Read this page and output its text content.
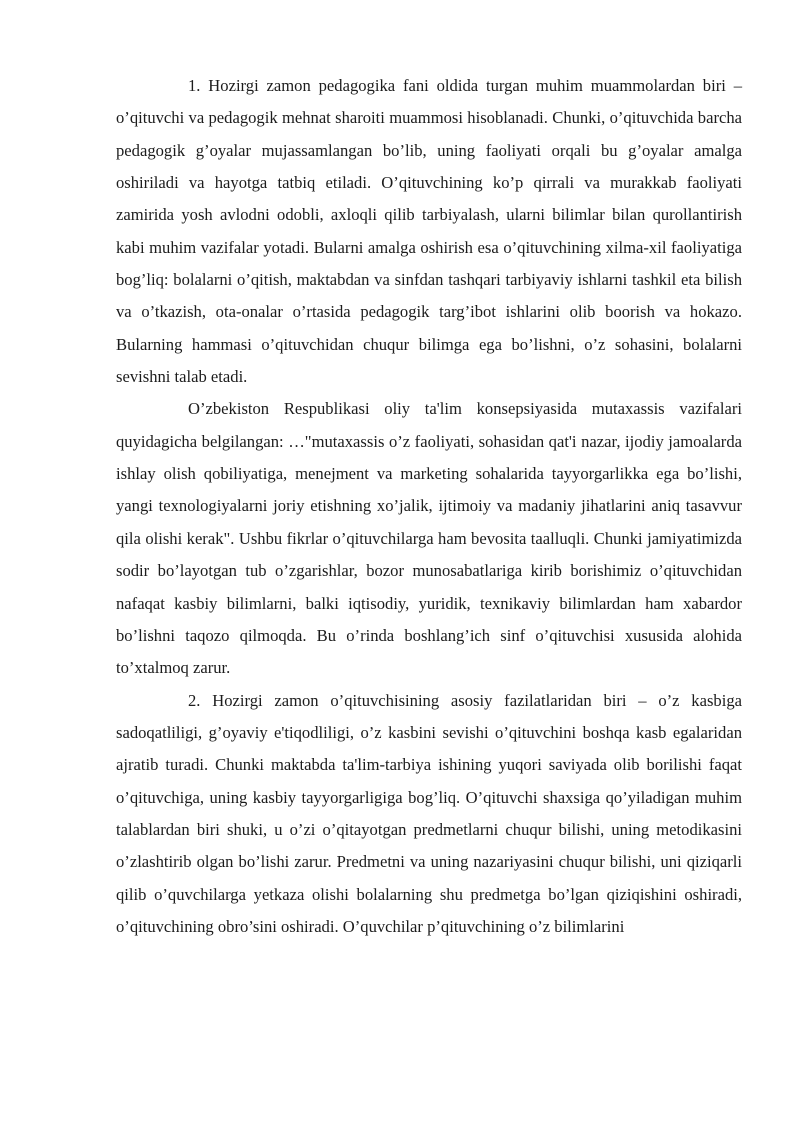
1. Hozirgi zamon pedagogika fani oldida turgan muhim muammolardan biri – o’qituvchi va pedagogik mehnat sharoiti muammosi hisoblanadi. Chunki, o’qituvchida barcha pedagogik g’oyalar mujassamlangan bo’lib, uning faoliyati orqali bu g’oyalar amalga oshiriladi va hayotga tatbiq etiladi. O’qituvchining ko’p qirrali va murakkab faoliyati zamirida yosh avlodni odobli, axloqli qilib tarbiyalash, ularni bilimlar bilan qurollantirish kabi muhim vazifalar yotadi. Bularni amalga oshirish esa o’qituvchining xilma-xil faoliyatiga bog’liq: bolalarni o’qitish, maktabdan va sinfdan tashqari tarbiyaviy ishlarni tashkil eta bilish va o’tkazish, ota-onalar o’rtasida pedagogik targ’ibot ishlarini olib boorish va hokazo. Bularning hammasi o’qituvchidan chuqur bilimga ega bo’lishni, o’z sohasini, bolalarni sevishni talab etadi.

O’zbekiston Respublikasi oliy ta'lim konsepsiyasida mutaxassis vazifalari quyidagicha belgilangan: …"mutaxassis o’z faoliyati, sohasidan qat'i nazar, ijodiy jamoalarda ishlay olish qobiliyatiga, menejment va marketing sohalarida tayyorgarlikka ega bo’lishi, yangi texnologiyalarni joriy etishning xo’jalik, ijtimoiy va madaniy jihatlarini aniq tasavvur qila olishi kerak". Ushbu fikrlar o’qituvchilarga ham bevosita taalluqli. Chunki jamiyatimizda sodir bo’layotgan tub o’zgarishlar, bozor munosabatlariga kirib borishimiz o’qituvchidan nafaqat kasbiy bilimlarni, balki iqtisodiy, yuridik, texnikaviy bilimlardan ham xabardor bo’lishni taqozo qilmoqda. Bu o’rinda boshlang’ich sinf o’qituvchisi xususida alohida to’xtalmoq zarur.

2. Hozirgi zamon o’qituvchisining asosiy fazilatlaridan biri – o’z kasbiga sadoqatliligi, g’oyaviy e'tiqodliligi, o’z kasbini sevishi o’qituvchini boshqa kasb egalaridan ajratib turadi. Chunki maktabda ta'lim-tarbiya ishining yuqori saviyada olib borilishi faqat o’qituvchiga, uning kasbiy tayyorgarligiga bog’liq. O’qituvchi shaxsiga qo’yiladigan muhim talablardan biri shuki, u o’zi o’qitayotgan predmetlarni chuqur bilishi, uning metodikasini o’zlashtirib olgan bo’lishi zarur. Predmetni va uning nazariyasini chuqur bilishi, uni qiziqarli qilib o’quvchilarga yetkaza olishi bolalarning shu predmetga bo’lgan qiziqishini oshiradi, o’qituvchining obro’sini oshiradi. O’quvchilar p’qituvchining o’z bilimlarini
